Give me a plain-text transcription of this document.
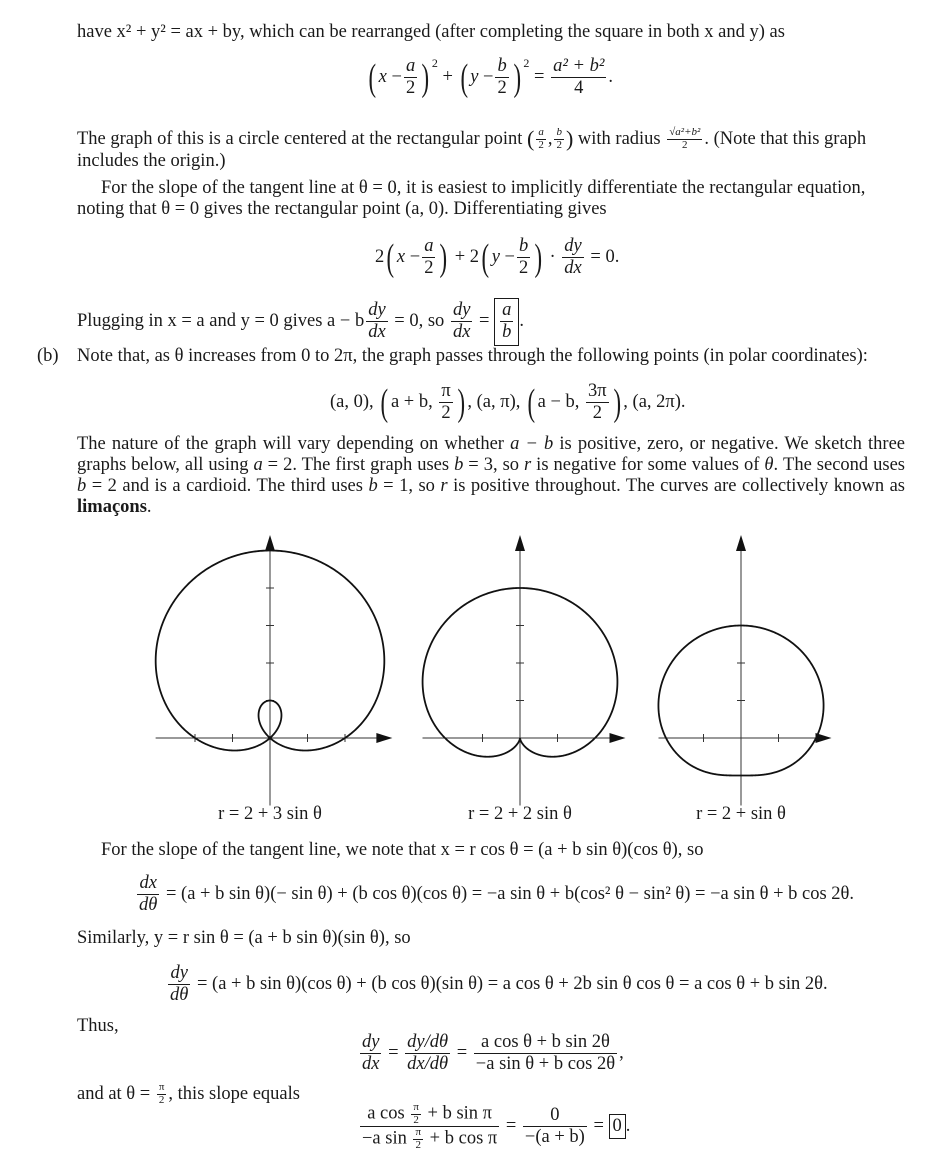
have x² + y² = ax + by, which can be rearranged (after completing the square in both x and y) as
( $x - \frac{a}{2} )^2$
+ ( $y - \frac{b}{2} )^2$
= $\frac{\text{a² + b²}}{4}$ .
The graph of this is a circle centered at the rectangular point
( $\frac{a}{2}$ , $\frac{b}{2}$ )
with radius
$\frac{\text{√a²+b²}}{2}$ . (Note that this graph
includes the origin.)
For the slope of the tangent line at θ = 0, it is easiest to implicitly differentiate the rectangular equation,
noting that θ = 0 gives the rectangular point (a, 0). Differentiating gives
2 ( $x - \frac{a}{2}$ ) + 2 ( $y - \frac{b}{2}$ ) · $\frac{dy}{dx}$
= 0.
Plugging in x = a and y = 0 gives a − b $\frac{dy}{dx}$
= 0, so
$\frac{dy}{dx} = \frac{a}{b}$ .
(b) Note that, as θ increases from 0 to 2π, the graph passes through the following points (in polar coordinates):
(a, 0),
( a + b,
$\frac{\pi}{2}$ ) , (a, π),
( a − b,
$\frac{3\pi}{2}$ ) , (a, 2π).
The nature of the graph will vary depending on whether a − b is positive, zero, or negative. We sketch three graphs below, all using a = 2. The first graph uses b = 3, so r is negative for some values of θ. The second uses b = 2 and is a cardioid. The third uses b = 1, so r is positive throughout. The curves are collectively known as limaçons.
r = 2 + 3 sin θ	r = 2 + 2 sin θ	r = 2 + sin θ
For the slope of the tangent line, we note that x = r cos θ = (a + b sin θ)(cos θ), so
$\frac{dx}{d\theta}$
= (a + b sin θ)(− sin θ) + (b cos θ)(cos θ) = −a sin θ + b(cos² θ − sin² θ) = −a sin θ + b cos 2θ.
Similarly, y = r sin θ = (a + b sin θ)(sin θ), so
$\frac{dy}{d\theta}$
= (a + b sin θ)(cos θ) + (b cos θ)(sin θ) = a cos θ + 2b sin θ cos θ = a cos θ + b sin 2θ.
Thus,
$\frac{dy}{dx} = \frac{dy/d\theta}{dx/d\theta} = \frac{\text{a cos θ + b sin 2θ}}{\text{−a sin θ + b cos 2θ}}$ ,
and at θ =
$\frac{\pi}{2}$ , this slope equals
$\frac{a \cos \frac{\pi}{2} + b \sin \pi}{-a \sin \frac{\pi}{2} + b \cos \pi} = \frac{0}{-(a + b)} = 0$ .
